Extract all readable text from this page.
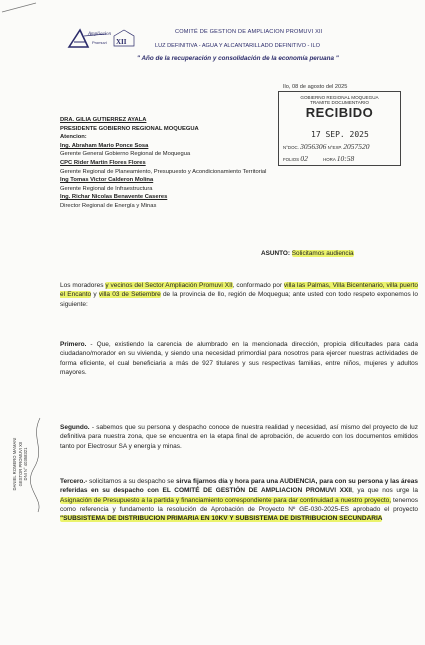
Ampliacion
Promuvi XII
COMITÉ DE GESTION DE AMPLIACION PROMUVI XII
LUZ DEFINITIVA - AGUA Y ALCANTARILLADO DEFINITIVO - ILO
" Año de la recuperación y consolidación de la economía peruana "
Ilo, 08 de agosto del 2025
GOBIERNO REGIONAL MOQUEGUA
TRAMITE DOCUMENTARIO
RECIBIDO
17 SEP. 2025
N°DOC. 3056306 N°EXP. 2057520
FOLIOS 02	HORA 10:58
DRA. GILIA GUTIERREZ AYALA
PRESIDENTE GOBIERNO REGIONAL MOQUEGUA
Atencion:
Ing. Abraham Mario Ponce Sosa
Gerente General Gobierno Regional de Moquegua
CPC Rider Martin Flores Flores
Gerente Regional de Planeamiento, Presupuesto y Acondicionamiento Territorial
Ing Tomas Victor Calderon Molina
Gerente Regional de Infraestructura
Ing. Richar Nicolas Benavente Caseres
Director Regional de Energía y Minas
ASUNTO: Solicitamos audiencia
Los moradores y vecinos del Sector Ampliación Promuvi XII, conformado por villa las Palmas, Villa Bicentenario, villa puerto el Encanto y villa 03 de Setiembre de la provincia de Ilo, región de Moquegua; ante usted con todo respeto exponemos lo siguiente:
Primero. - Que, existiendo la carencia de alumbrado en la mencionada dirección, propicia dificultades para cada ciudadano/morador en su vivienda, y siendo una necesidad primordial para nosotros para ejercer nuestras actividades de forma eficiente, el cual beneficiaria a más de 927 titulares y sus respectivas familias, entre niños, mujeres y adultos mayores.
Segundo. - sabemos que su persona y despacho conoce de nuestra realidad y necesidad, así mismo del proyecto de luz definitiva para nuestra zona, que se encuentra en la etapa final de aprobación, de acuerdo con los documentos emitidos tanto por Electrosur SA y energía y minas.
Tercero.- solicitamos a su despacho se sirva fijarnos día y hora para una AUDIENCIA, para con su persona y las áreas referidas en su despacho con EL COMITÉ DE GESTIÓN DE AMPLIACION PROMUVI XXII, ya que nos urge la Asignación de Presupuesto a la partida y financiamiento correspondiente para dar continuidad a nuestro proyecto, tenemos como referencia y fundamento la resolución de Aprobación de Proyecto Nº GE-030-2025-ES aprobado el proyecto "SUBSISTEMA DE DISTRIBUCION PRIMARIA EN 10KV Y SUBSISTEMA DE DISTRIBUCION SECUNDARIA
DANIEL ROMERO MAMANI GESTOR PROMUVI XII DNI N° 40358321
